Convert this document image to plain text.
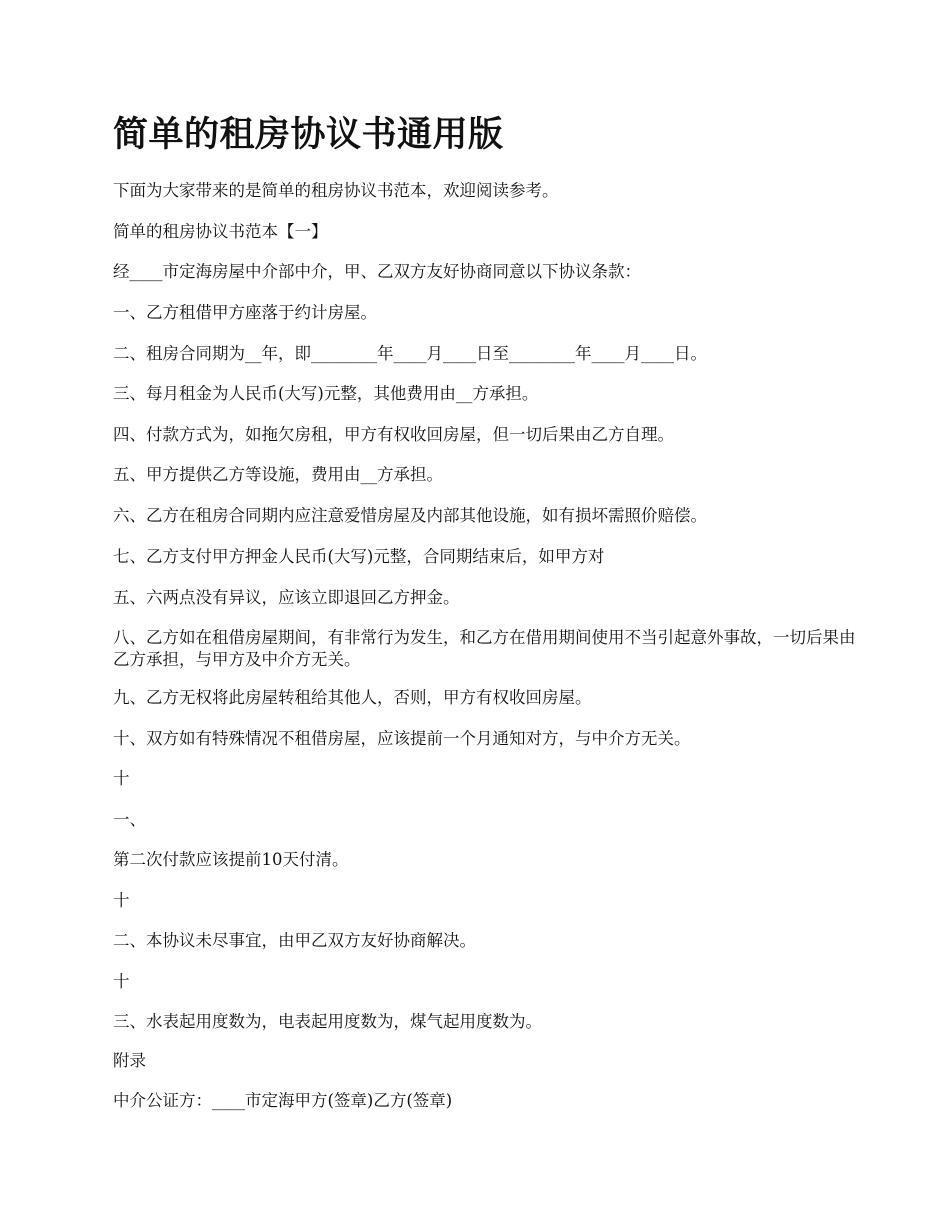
简单的租房协议书通用版

下面为大家带来的是简单的租房协议书范本，欢迎阅读参考。

简单的租房协议书范本【一】

经____市定海房屋中介部中介，甲、乙双方友好协商同意以下协议条款：

一、乙方租借甲方座落于约计房屋。

二、租房合同期为__年，即________年____月____日至________年____月____日。

三、每月租金为人民币(大写)元整，其他费用由__方承担。

四、付款方式为，如拖欠房租，甲方有权收回房屋，但一切后果由乙方自理。

五、甲方提供乙方等设施，费用由__方承担。

六、乙方在租房合同期内应注意爱惜房屋及内部其他设施，如有损坏需照价赔偿。

七、乙方支付甲方押金人民币(大写)元整，合同期结束后，如甲方对

五、六两点没有异议，应该立即退回乙方押金。

八、乙方如在租借房屋期间，有非常行为发生，和乙方在借用期间使用不当引起意外事故，一切后果由乙方承担，与甲方及中介方无关。

九、乙方无权将此房屋转租给其他人，否则，甲方有权收回房屋。

十、双方如有特殊情况不租借房屋，应该提前一个月通知对方，与中介方无关。

十

一、

第二次付款应该提前10天付清。

十

二、本协议未尽事宜，由甲乙双方友好协商解决。

十

三、水表起用度数为，电表起用度数为，煤气起用度数为。

附录

中介公证方：____市定海甲方(签章)乙方(签章)
